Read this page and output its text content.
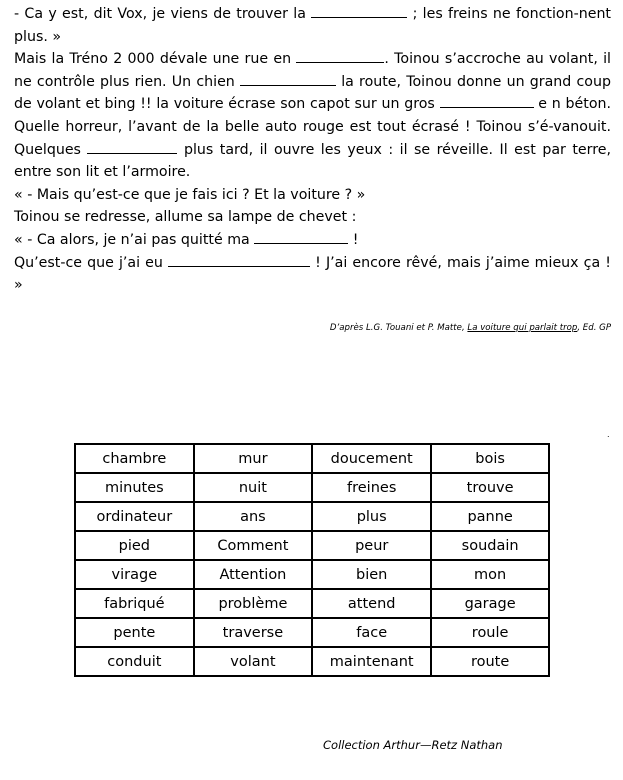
- Ca y est, dit Vox, je viens de trouver la	; les freins ne fonction-nent plus. »

Mais la Tréno 2 000 dévale une rue en	. Toinou s’accroche au volant, il ne contrôle plus rien. Un chien	la route, Toinou donne un grand coup de volant et bing !! la voiture écrase son capot sur un gros	e n béton. Quelle horreur, l’avant de la belle auto rouge est tout écrasé ! Toinou s’é-vanouit. Quelques	plus tard, il ouvre les yeux : il se réveille. Il est par terre, entre son lit et l’armoire.

« - Mais qu’est-ce que je fais ici ? Et la voiture ? »

Toinou se redresse, allume sa lampe de chevet :

« - Ca alors, je n’ai pas quitté ma	!

Qu’est-ce que j’ai eu	! J’ai encore rêvé, mais j’aime mieux ça ! »

D’après L.G. Touani et P. Matte, La voiture qui parlait trop, Ed. GP
.
chambre	mur	doucement	bois
minutes	nuit	freines	trouve
ordinateur	ans	plus	panne
pied	Comment	peur	soudain
virage	Attention	bien	mon
fabriqué	problème	attend	garage
pente	traverse	face	roule
conduit	volant	maintenant	route
Collection Arthur—Retz Nathan
